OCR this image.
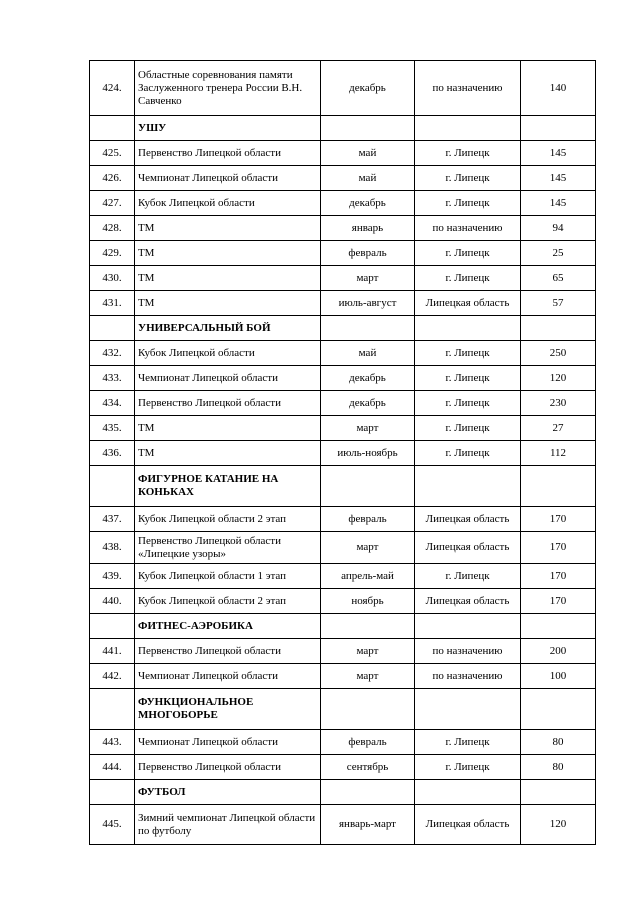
424.	Областные соревнования памяти Заслуженного тренера России В.Н. Савченко	декабрь	по назначению	140
	УШУ			
425.	Первенство Липецкой области	май	г. Липецк	145
426.	Чемпионат Липецкой области	май	г. Липецк	145
427.	Кубок Липецкой области	декабрь	г. Липецк	145
428.	ТМ	январь	по назначению	94
429.	ТМ	февраль	г. Липецк	25
430.	ТМ	март	г. Липецк	65
431.	ТМ	июль-август	Липецкая область	57
	УНИВЕРСАЛЬНЫЙ БОЙ			
432.	Кубок Липецкой области	май	г. Липецк	250
433.	Чемпионат Липецкой области	декабрь	г. Липецк	120
434.	Первенство Липецкой области	декабрь	г. Липецк	230
435.	ТМ	март	г. Липецк	27
436.	ТМ	июль-ноябрь	г. Липецк	112
	ФИГУРНОЕ КАТАНИЕ НА КОНЬКАХ			
437.	Кубок Липецкой области 2 этап	февраль	Липецкая область	170
438.	Первенство Липецкой области «Липецкие узоры»	март	Липецкая область	170
439.	Кубок Липецкой области 1 этап	апрель-май	г. Липецк	170
440.	Кубок Липецкой области 2 этап	ноябрь	Липецкая область	170
	ФИТНЕС-АЭРОБИКА			
441.	Первенство Липецкой области	март	по назначению	200
442.	Чемпионат Липецкой области	март	по назначению	100
	ФУНКЦИОНАЛЬНОЕ МНОГОБОРЬЕ			
443.	Чемпионат Липецкой области	февраль	г. Липецк	80
444.	Первенство Липецкой области	сентябрь	г. Липецк	80
	ФУТБОЛ			
445.	Зимний чемпионат Липецкой области по футболу	январь-март	Липецкая область	120
